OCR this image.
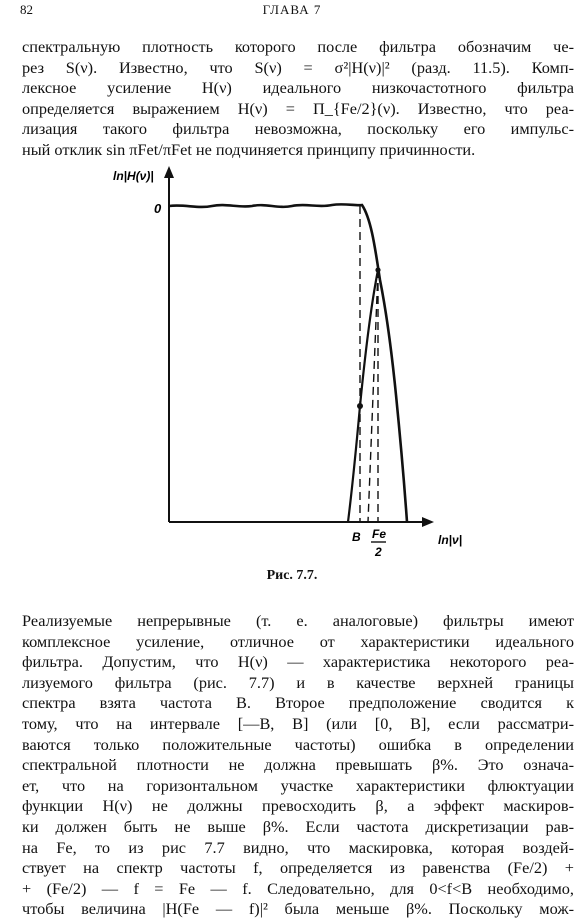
82	ГЛАВА 7
спектральную плотность которого после фильтра обозначим че-
рез S(ν). Известно, что S(ν) = σ²|H(ν)|² (разд. 11.5). Комп-
лексное усиление H(ν) идеального низкочастотного фильтра
определяется выражением H(ν) = Π_{Fe/2}(ν). Известно, что реа-
лизация такого фильтра невозможна, поскольку его импульс-
ный отклик sin πFet/πFet не подчиняется принципу причинности.
ln|H(ν)|
0
B Fe
2
ln|ν|
Рис. 7.7.
Реализуемые непрерывные (т. е. аналоговые) фильтры имеют
комплексное усиление, отличное от характеристики идеального
фильтра. Допустим, что H(ν) — характеристика некоторого реа-
лизуемого фильтра (рис. 7.7) и в качестве верхней границы
спектра взята частота B. Второе предположение сводится к
тому, что на интервале [—B, B] (или [0, B], если рассматри-
ваются только положительные частоты) ошибка в определении
спектральной плотности не должна превышать β%. Это означа-
ет, что на горизонтальном участке характеристики флюктуации
функции H(ν) не должны превосходить β, а эффект маскиров-
ки должен быть не выше β%. Если частота дискретизации рав-
на Fe, то из рис 7.7 видно, что маскировка, которая воздей-
ствует на спектр частоты f, определяется из равенства (Fe/2) +
+ (Fe/2) — f = Fe — f. Следовательно, для 0<f<B необходимо,
чтобы величина |H(Fe — f)|² была меньше β%. Поскольку мож-
